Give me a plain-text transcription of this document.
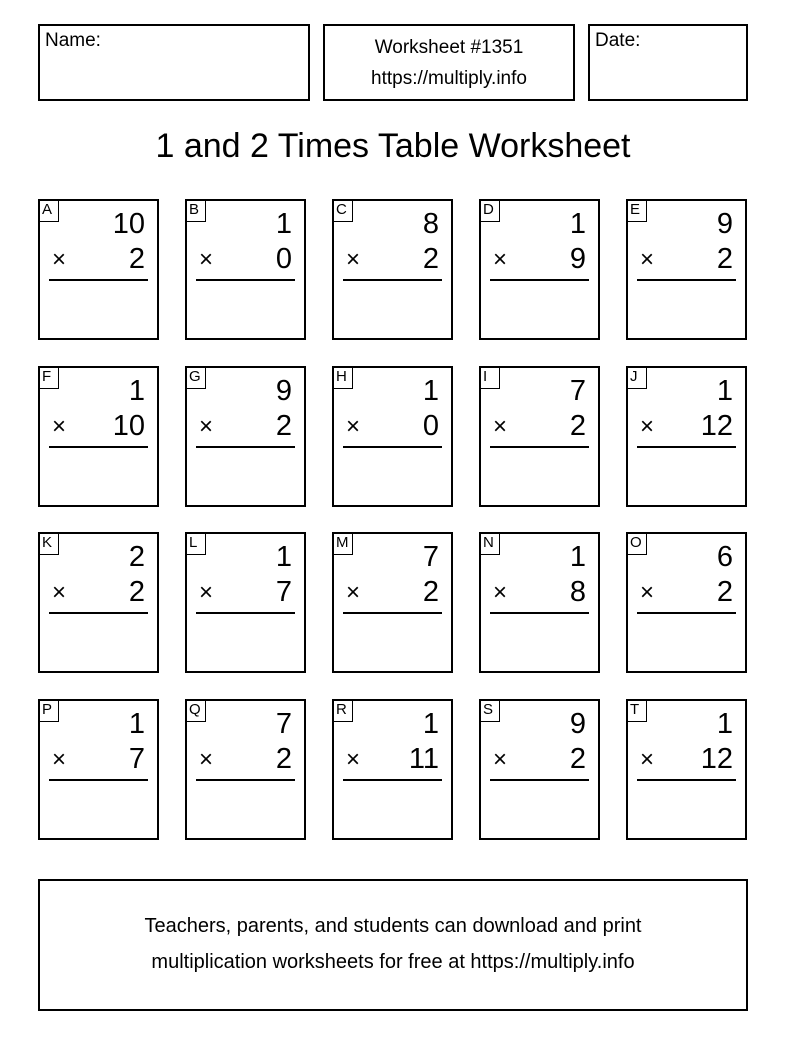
Name:	Worksheet #1351
https://multiply.info
Date:
1 and 2 Times Table Worksheet
A 10
× 2
B	1
× 0
C	8
× 2
D	1
× 9
E	9
× 2
F	1
× 10
G	9
× 2
H	1
× 0
I	7
× 2
J	1
× 12
K	2
× 2
L	1
× 7
M	7
× 2
N	1
× 8
O	6
× 2
P	1
× 7
Q	7
× 2
R	1
× 11
S	9
× 2
T	1
× 12
Teachers, parents, and students can download and print
multiplication worksheets for free at https://multiply.info
